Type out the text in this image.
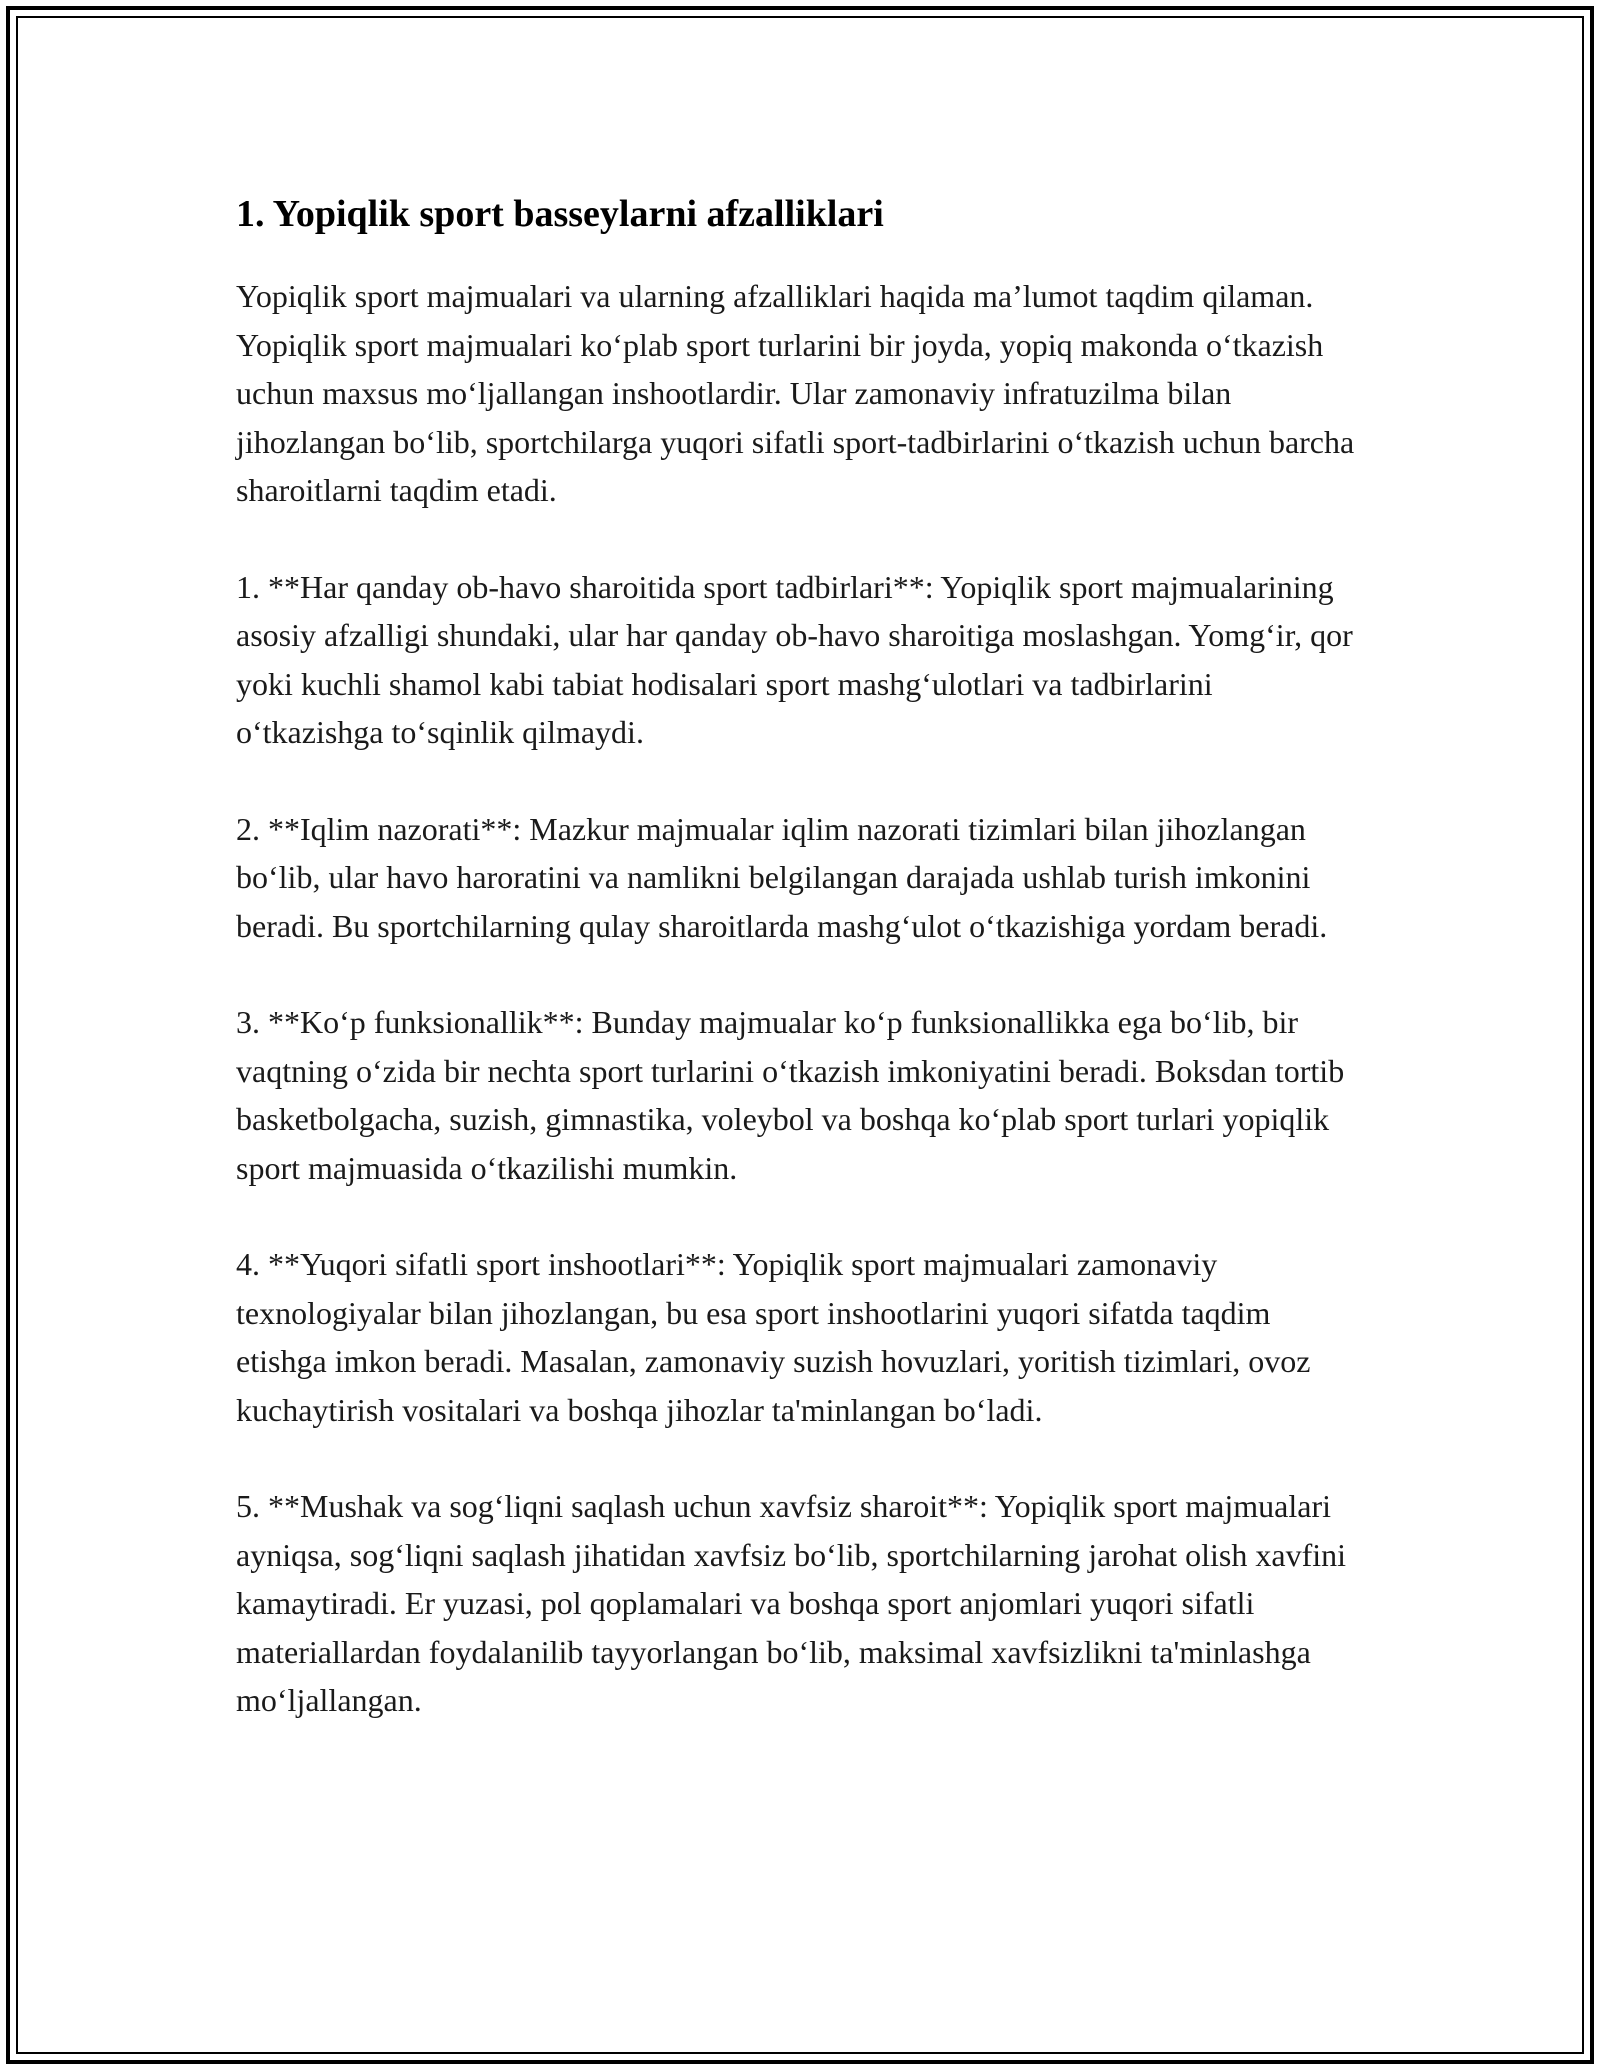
1. Yopiqlik sport basseylarni afzalliklari

Yopiqlik sport majmualari va ularning afzalliklari haqida ma’lumot taqdim qilaman. Yopiqlik sport majmualari ko‘plab sport turlarini bir joyda, yopiq makonda o‘tkazish uchun maxsus mo‘ljallangan inshootlardir. Ular zamonaviy infratuzilma bilan jihozlangan bo‘lib, sportchilarga yuqori sifatli sport-tadbirlarini o‘tkazish uchun barcha sharoitlarni taqdim etadi.

1. **Har qanday ob-havo sharoitida sport tadbirlari**: Yopiqlik sport majmualarining asosiy afzalligi shundaki, ular har qanday ob-havo sharoitiga moslashgan. Yomg‘ir, qor yoki kuchli shamol kabi tabiat hodisalari sport mashg‘ulotlari va tadbirlarini o‘tkazishga to‘sqinlik qilmaydi.

2. **Iqlim nazorati**: Mazkur majmualar iqlim nazorati tizimlari bilan jihozlangan bo‘lib, ular havo haroratini va namlikni belgilangan darajada ushlab turish imkonini beradi. Bu sportchilarning qulay sharoitlarda mashg‘ulot o‘tkazishiga yordam beradi.

3. **Ko‘p funksionallik**: Bunday majmualar ko‘p funksionallikka ega bo‘lib, bir vaqtning o‘zida bir nechta sport turlarini o‘tkazish imkoniyatini beradi. Boksdan tortib basketbolgacha, suzish, gimnastika, voleybol va boshqa ko‘plab sport turlari yopiqlik sport majmuasida o‘tkazilishi mumkin.

4. **Yuqori sifatli sport inshootlari**: Yopiqlik sport majmualari zamonaviy texnologiyalar bilan jihozlangan, bu esa sport inshootlarini yuqori sifatda taqdim etishga imkon beradi. Masalan, zamonaviy suzish hovuzlari, yoritish tizimlari, ovoz kuchaytirish vositalari va boshqa jihozlar ta'minlangan bo‘ladi.

5. **Mushak va sog‘liqni saqlash uchun xavfsiz sharoit**: Yopiqlik sport majmualari ayniqsa, sog‘liqni saqlash jihatidan xavfsiz bo‘lib, sportchilarning jarohat olish xavfini kamaytiradi. Er yuzasi, pol qoplamalari va boshqa sport anjomlari yuqori sifatli materiallardan foydalanilib tayyorlangan bo‘lib, maksimal xavfsizlikni ta'minlashga mo‘ljallangan.
